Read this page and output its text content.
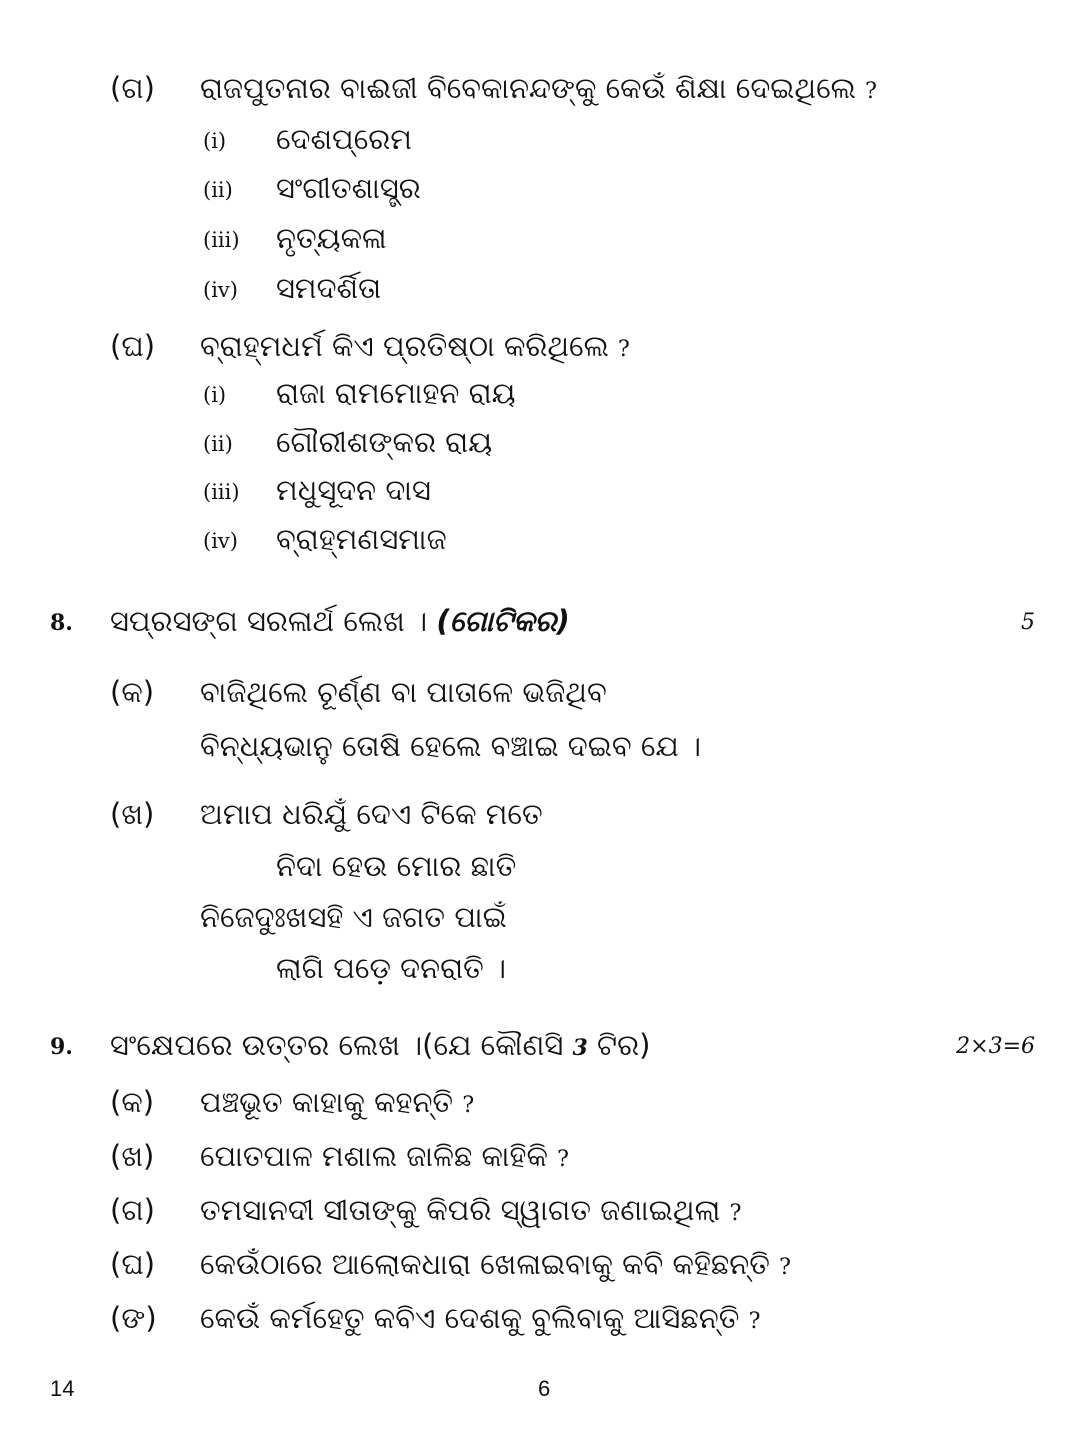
(ଗ) ରାଜପୁତନାର ବାଈଜୀ ବିବେକାନନ୍ଦଙ୍କୁ କେଉଁ ଶିକ୍ଷା ଦେଇଥିଲେ ?
(i) ଦେଶପ୍ରେମ
(ii) ସଂଗୀତଶାସ୍ତ୍ର
(iii) ନୃତ୍ୟକଳା
(iv) ସମଦର୍ଶିତା
(ଘ) ବ୍ରାହ୍ମଧର୍ମ କିଏ ପ୍ରତିଷ୍ଠା କରିଥିଲେ ?
(i) ରାଜା ରାମମୋହନ ରାୟ
(ii) ଗୌରୀଶଙ୍କର ରାୟ
(iii) ମଧୁସୂଦନ ଦାସ
(iv) ବ୍ରାହ୍ମଣସମାଜ
8. ସପ୍ରସଙ୍ଗ ସରଳାର୍ଥ ଲେଖ । (ଗୋଟିକର)	5
(କ) ବାଜିଥିଲେ ଚୂର୍ଣ୍ଣ ବା ପାତାଳେ ଭଜିଥିବ
ବିନ୍ଧ୍ୟଭାନୁ ତୋଷି ହେଲେ ବଞ୍ଚାଇ ଦଇବ ଯେ ।
(ଖ) ଅମାପ ଧରିଯୁଁ ଦେଏ ଟିକେ ମତେ
ନିଦା ହେଉ ମୋର ଛାତି
ନିଜେଦୁଃଖସହି ଏ ଜଗତ ପାଇଁ
ଲାଗି ପଡ଼େ ଦନରାତି ।
9. ସଂକ୍ଷେପରେ ଉତ୍ତର ଲେଖ ।(ଯେ କୌଣସି 3 ଟିର)	2×3=6
(କ) ପଞ୍ଚଭୂତ କାହାକୁ କହନ୍ତି ?
(ଖ) ପୋତପାଳ ମଶାଲ ଜାଳିଛ କାହିକି ?
(ଗ) ତମସାନଦୀ ସୀତାଙ୍କୁ କିପରି ସ୍ୱାଗତ ଜଣାଇଥିଲା ?
(ଘ) କେଉଁଠାରେ ଆଲୋକଧାରା ଖେଳାଇବାକୁ କବି କହିଛନ୍ତି ?
(ଙ) କେଉଁ କର୍ମହେତୁ କବିଏ ଦେଶକୁ ବୁଲିବାକୁ ଆସିଛନ୍ତି ?
14	6
